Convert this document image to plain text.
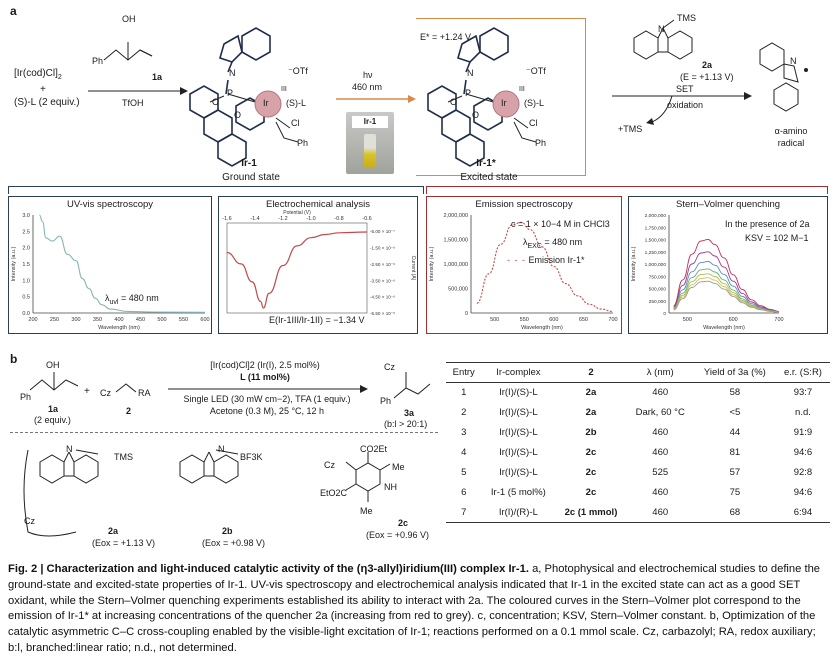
a
$[Ir(cod)Cl]_2$
+
(S)-L (2 equiv.)
OH
Ph
1a
TfOH
N
P
O
O
Ir
III
(S)-L
⁻OTf
Cl
Ph
Ir-1
Ground state
hν
460 nm
Ir-1
E* = +1.24 V
N
P
O
O
Ir
III
(S)-L
⁻OTf
Cl
Ph
Ir-1*
Excited state
N
TMS
2a
(E = +1.13 V)
SET
oxidation
+TMS
N
α-amino
radical
UV-vis spectroscopy
200 250 300 350 400 450 500 550 600
0.0
0.5
1.0
1.5
2.0
2.5
3.0
Wavelength (nm)
Intensity (a.u.)
$\lambda_{uvl} = 480$ nm
Electrochemical analysis
-1.6	-1.4	-1.2	-1.0	-0.8	-0.6
Potential (V)
-5.00 × 10⁻⁷
-1.50 × 10⁻⁶
-2.50 × 10⁻⁶
-3.50 × 10⁻⁶
-4.50 × 10⁻⁶
-5.50 × 10⁻⁶
Current (A)
E(Ir-1III/Ir-1II) = −1.34 V
Emission spectroscopy
500	550	600	650	700
0
500,000
1,000,000
1,500,000
2,000,000
Wavelength (nm)
Intensity (a.u.)
c = 1 × 10−4 M in CHCl3
$\lambda_{EXC} = 480$ nm
- - - Emission Ir-1*
Stern–Volmer quenching
500	600	700
0
250,000
500,000
750,000
1,000,000
1,250,000
1,500,000
1,750,000
2,000,000
Wavelength (nm)
Intensity (a.u.)
In the presence of 2a
KSV = 102 M−1
b	OH
Ph
1a
(2 equiv.)
+ Cz	RA
2
[Ir(cod)Cl]2 (Ir(I), 2.5 mol%)
L (11 mol%)
Single LED (30 mW cm−2), TFA (1 equiv.)
Acetone (0.3 M), 25 °C, 12 h
Cz
Ph
3a
(b:l > 20:1)
N
TMS
Cz
2a
(Eox = +1.13 V)
N
BF3K
2b
(Eox = +0.98 V)
Cz
CO2Et
Me
NH
EtO2C
Me
2c
(Eox = +0.96 V)
Entry	Ir-complex	2	λ (nm)	Yield of 3a (%)	e.r. (S:R)
1	Ir(I)/(S)-L	2a	460	58	93:7
2	Ir(I)/(S)-L	2a	Dark, 60 °C	<5	n.d.
3	Ir(I)/(S)-L	2b	460	44	91:9
4	Ir(I)/(S)-L	2c	460	81	94:6
5	Ir(I)/(S)-L	2c	525	57	92:8
6	Ir-1 (5 mol%)	2c	460	75	94:6
7	Ir(I)/(R)-L	2c (1 mmol)	460	68	6:94
Fig. 2 | Characterization and light-induced catalytic activity of the (η3-allyl)iridium(III) complex Ir-1. a, Photophysical and electrochemical studies to define the ground-state and excited-state properties of Ir-1. UV-vis spectroscopy and electrochemical analysis indicated that Ir-1 in the excited state can act as a good SET oxidant, while the Stern–Volmer quenching experiments established its ability to interact with 2a. The coloured curves in the Stern–Volmer plot correspond to the emission of Ir-1* at increasing concentrations of the quencher 2a (increasing from red to grey). c, concentration; KSV, Stern–Volmer constant. b, Optimization of the catalytic asymmetric C–C cross-coupling enabled by the visible-light excitation of Ir-1; reactions performed on a 0.1 mmol scale. Cz, carbazolyl; RA, redox auxiliary; b:l, branched:linear ratio; n.d., not determined.
